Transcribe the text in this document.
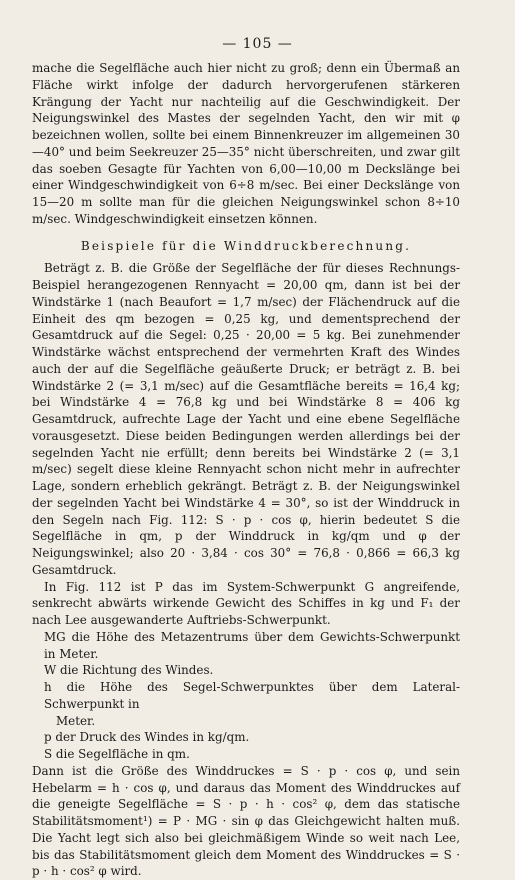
— 105 —

mache die Segelfläche auch hier nicht zu groß; denn ein Übermaß an Fläche wirkt infolge der dadurch hervorgerufenen stärkeren Krängung der Yacht nur nachteilig auf die Geschwindigkeit. Der Neigungswinkel des Mastes der segelnden Yacht, den wir mit φ bezeichnen wollen, sollte bei einem Binnenkreuzer im allgemeinen 30—40° und beim Seekreuzer 25—35° nicht überschreiten, und zwar gilt das soeben Gesagte für Yachten von 6,00—10,00 m Deckslänge bei einer Windgeschwindigkeit von 6÷8 m/sec. Bei einer Deckslänge von 15—20 m sollte man für die gleichen Neigungswinkel schon 8÷10 m/sec. Windgeschwindigkeit einsetzen können.

Beispiele für die Winddruckberechnung.

Beträgt z. B. die Größe der Segelfläche der für dieses Rechnungs-Beispiel herangezogenen Rennyacht = 20,00 qm, dann ist bei der Windstärke 1 (nach Beaufort = 1,7 m/sec) der Flächendruck auf die Einheit des qm bezogen = 0,25 kg, und dementsprechend der Gesamtdruck auf die Segel: 0,25 · 20,00 = 5 kg. Bei zunehmender Windstärke wächst entsprechend der vermehrten Kraft des Windes auch der auf die Segelfläche geäußerte Druck; er beträgt z. B. bei Windstärke 2 (= 3,1 m/sec) auf die Gesamtfläche bereits = 16,4 kg; bei Windstärke 4 = 76,8 kg und bei Windstärke 8 = 406 kg Gesamtdruck, aufrechte Lage der Yacht und eine ebene Segelfläche vorausgesetzt. Diese beiden Bedingungen werden allerdings bei der segelnden Yacht nie erfüllt; denn bereits bei Windstärke 2 (= 3,1 m/sec) segelt diese kleine Rennyacht schon nicht mehr in aufrechter Lage, sondern erheblich gekrängt. Beträgt z. B. der Neigungswinkel der segelnden Yacht bei Windstärke 4 = 30°, so ist der Winddruck in den Segeln nach Fig. 112: S · p · cos φ, hierin bedeutet S die Segelfläche in qm, p der Winddruck in kg/qm und φ der Neigungswinkel; also 20 · 3,84 · cos 30° = 76,8 · 0,866 = 66,3 kg Gesamtdruck.

In Fig. 112 ist P das im System-Schwerpunkt G angreifende, senkrecht abwärts wirkende Gewicht des Schiffes in kg und F₁ der nach Lee ausgewanderte Auftriebs-Schwerpunkt.

MG die Höhe des Metazentrums über dem Gewichts-Schwerpunkt in Meter.
W die Richtung des Windes.
h die Höhe des Segel-Schwerpunktes über dem Lateral-Schwerpunkt in
Meter.
p der Druck des Windes in kg/qm.
S die Segelfläche in qm.

Dann ist die Größe des Winddruckes = S · p · cos φ, und sein Hebelarm = h · cos φ, und daraus das Moment des Winddruckes auf die geneigte Segelfläche = S · p · h · cos² φ, dem das statische Stabilitätsmoment¹) = P · MG · sin φ das Gleichgewicht halten muß. Die Yacht legt sich also bei gleichmäßigem Winde so weit nach Lee, bis das Stabilitätsmoment gleich dem Moment des Winddruckes = S · p · h · cos² φ wird.
